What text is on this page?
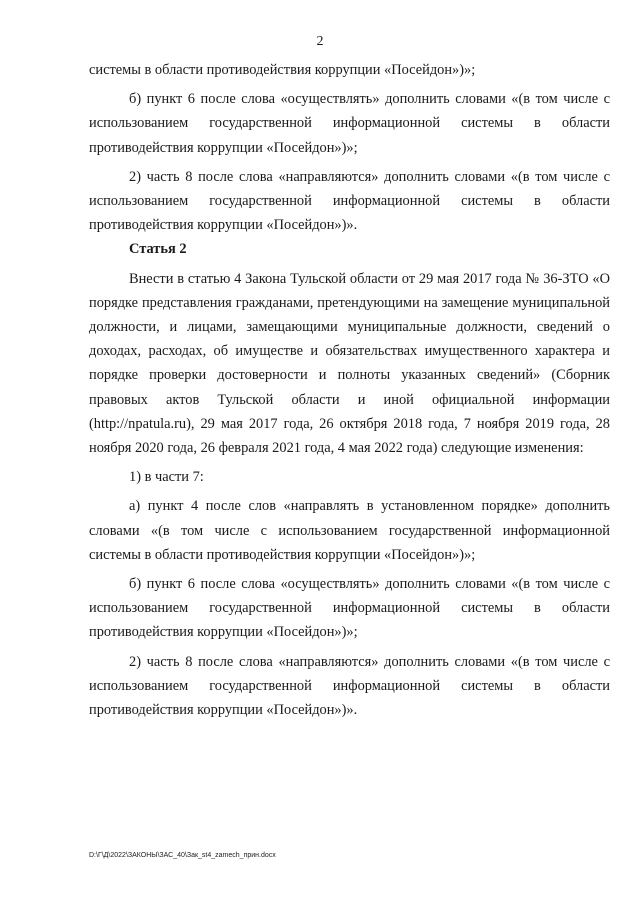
2

системы в области противодействия коррупции «Посейдон»)»;

б) пункт 6 после слова «осуществлять» дополнить словами «(в том числе с использованием государственной информационной системы в области противодействия коррупции «Посейдон»)»;

2) часть 8 после слова «направляются» дополнить словами «(в том числе с использованием государственной информационной системы в области противодействия коррупции «Посейдон»)».

Статья 2

Внести в статью 4 Закона Тульской области от 29 мая 2017 года № 36-ЗТО «О порядке представления гражданами, претендующими на замещение муниципальной должности, и лицами, замещающими муниципальные должности, сведений о доходах, расходах, об имуществе и обязательствах имущественного характера и порядке проверки достоверности и полноты указанных сведений» (Сборник правовых актов Тульской области и иной официальной информации (http://npatula.ru), 29 мая 2017 года, 26 октября 2018 года, 7 ноября 2019 года, 28 ноября 2020 года, 26 февраля 2021 года, 4 мая 2022 года) следующие изменения:

1) в части 7:

а) пункт 4 после слов «направлять в установленном порядке» дополнить словами «(в том числе с использованием государственной информационной системы в области противодействия коррупции «Посейдон»)»;

б) пункт 6 после слова «осуществлять» дополнить словами «(в том числе с использованием государственной информационной системы в области противодействия коррупции «Посейдон»)»;

2) часть 8 после слова «направляются» дополнить словами «(в том числе с использованием государственной информационной системы в области противодействия коррупции «Посейдон»)».

D:\Г\Д\2022\ЗАКОНЫ\ЗАС_40\Зак_st4_zamech_прин.docx
